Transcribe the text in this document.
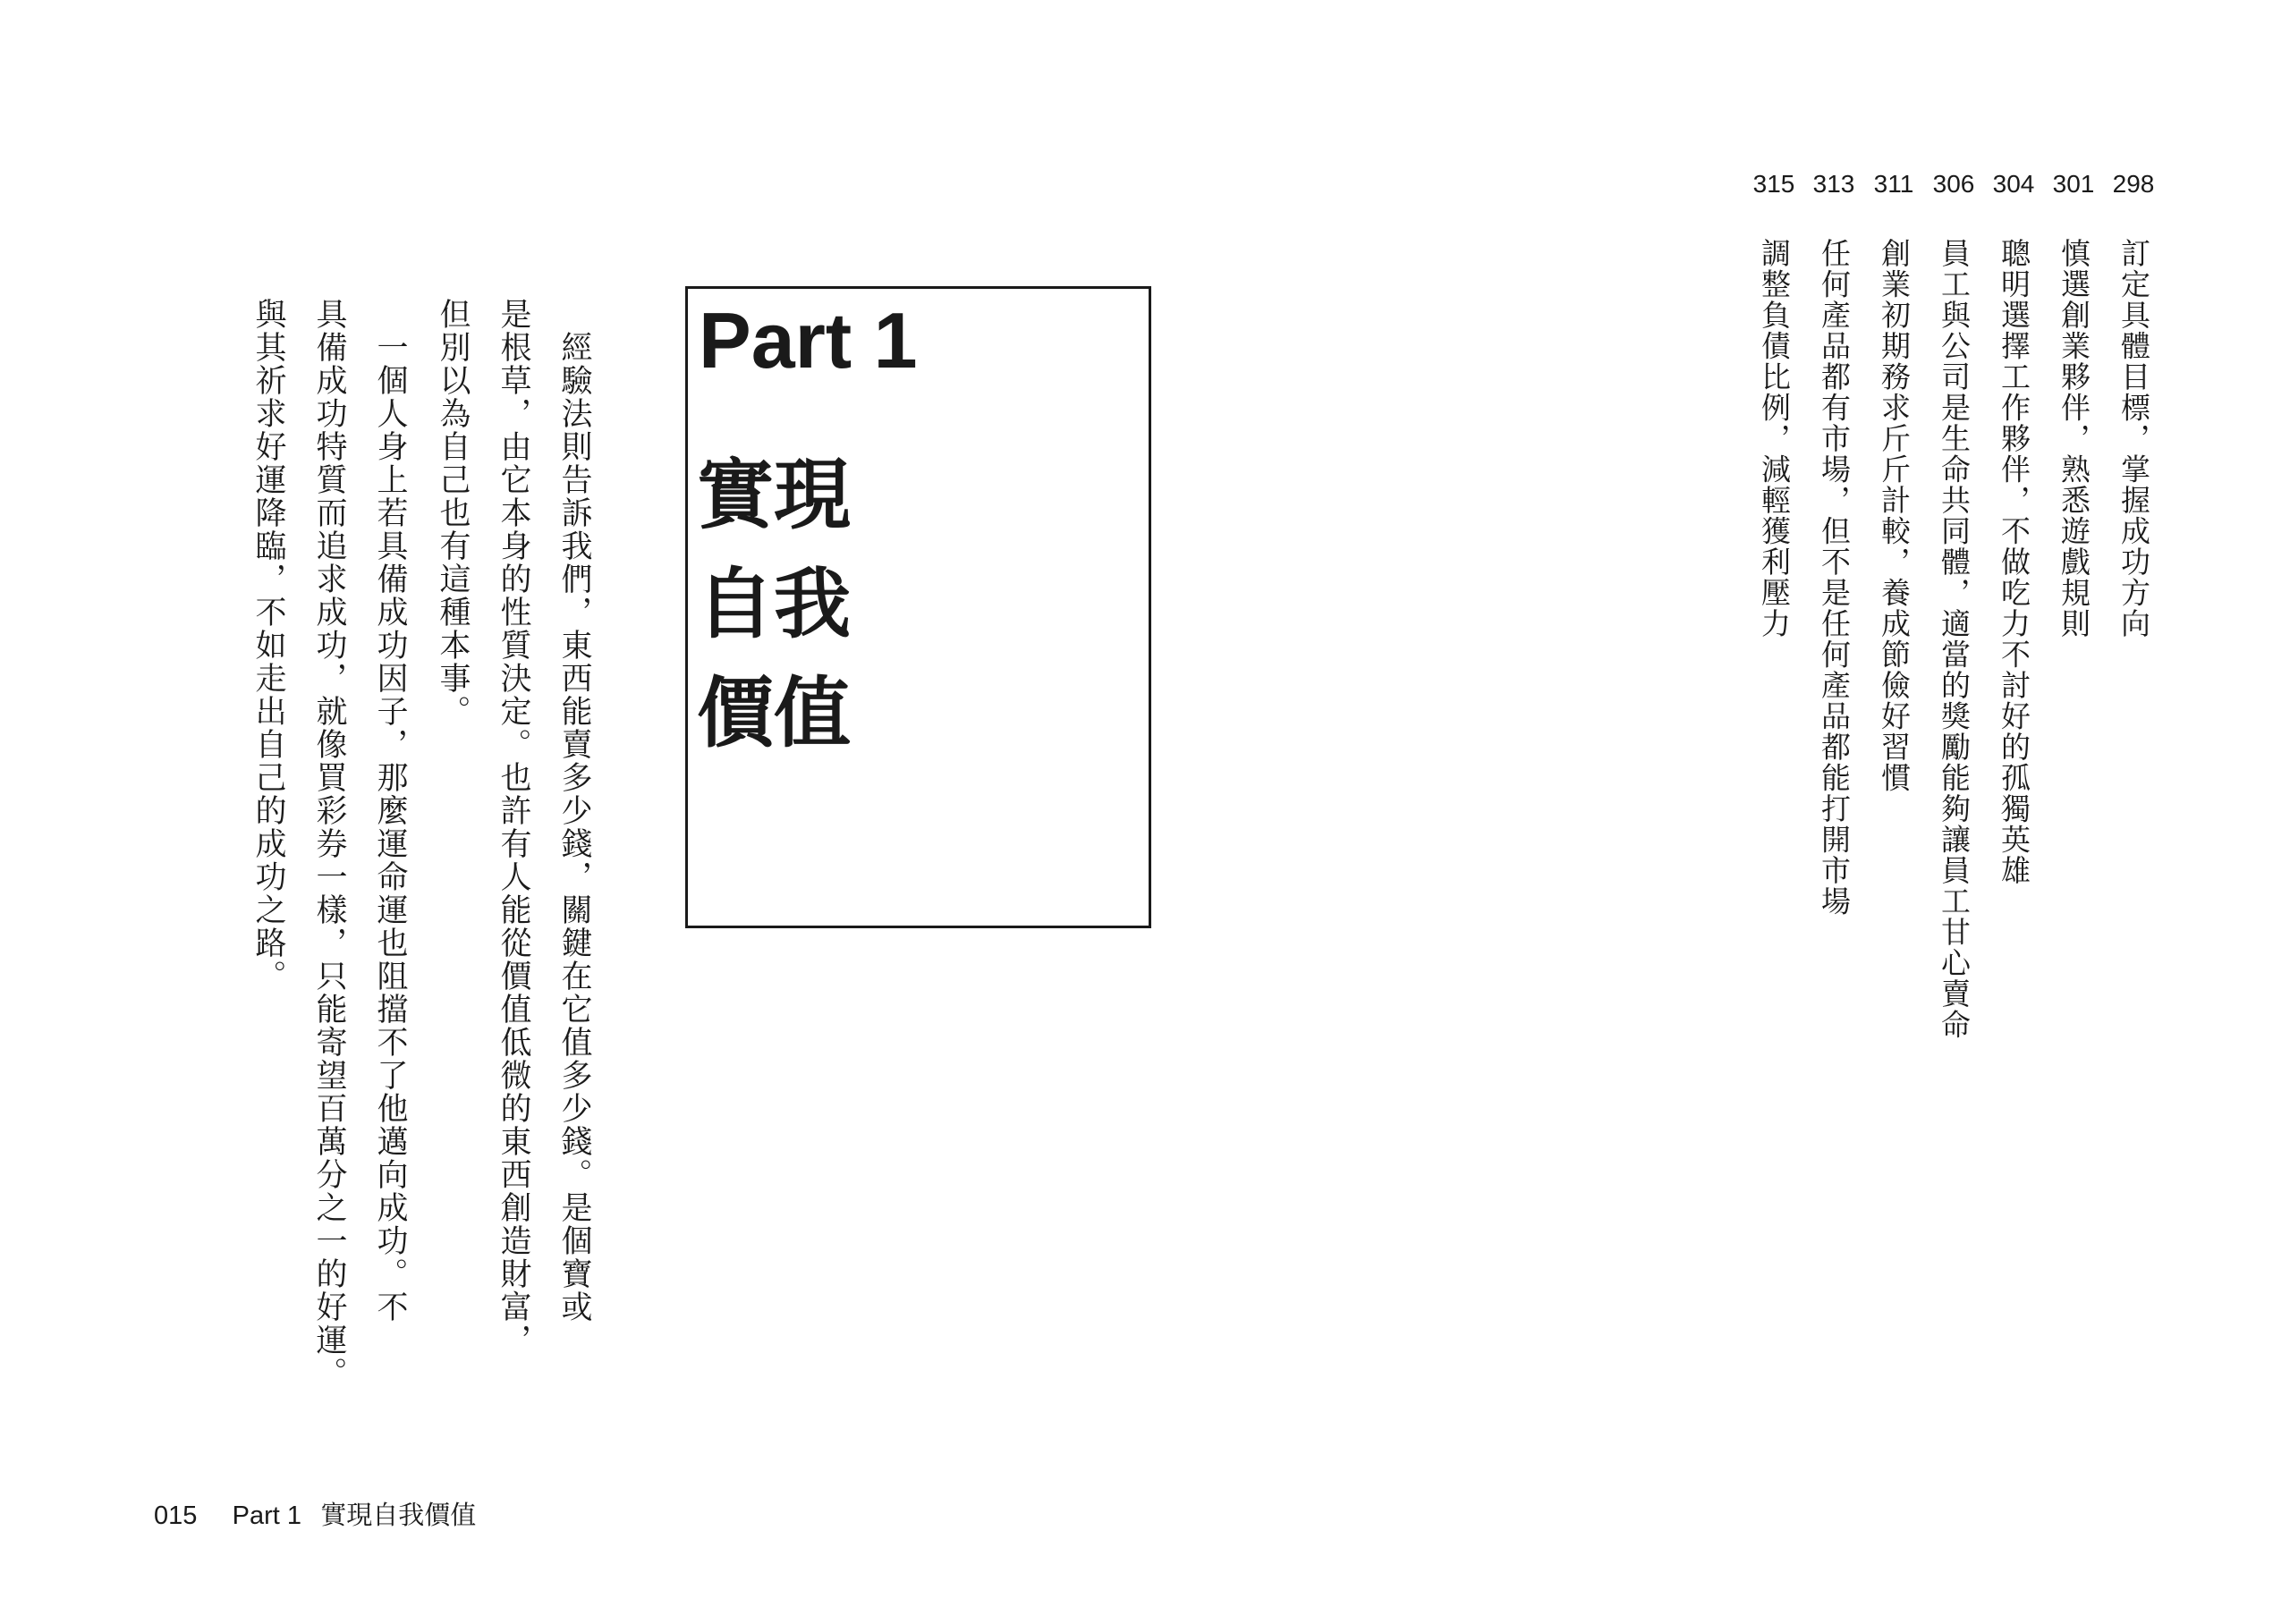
　經驗法則告訴我們，東西能賣多少錢，關鍵在它值多少錢。是個寶或
是根草，由它本身的性質決定。也許有人能從價值低微的東西創造財富，
但別以為自己也有這種本事。
　一個人身上若具備成功因子，那麼運命運也阻擋不了他邁向成功。不
具備成功特質而追求成功，就像買彩券一樣，只能寄望百萬分之一的好運。
與其祈求好運降臨，不如走出自己的成功之路。	Part 1
實現
自我
價值
298
訂定具體目標，掌握成功方向
301
慎選創業夥伴，熟悉遊戲規則
304
聰明選擇工作夥伴，不做吃力不討好的孤獨英雄
306
員工與公司是生命共同體，適當的獎勵能夠讓員工甘心賣命
311
創業初期務求斤斤計較，養成節儉好習慣
313
任何產品都有市場，但不是任何產品都能打開市場
315
調整負債比例，減輕獲利壓力
015 Part 1 實現自我價值
